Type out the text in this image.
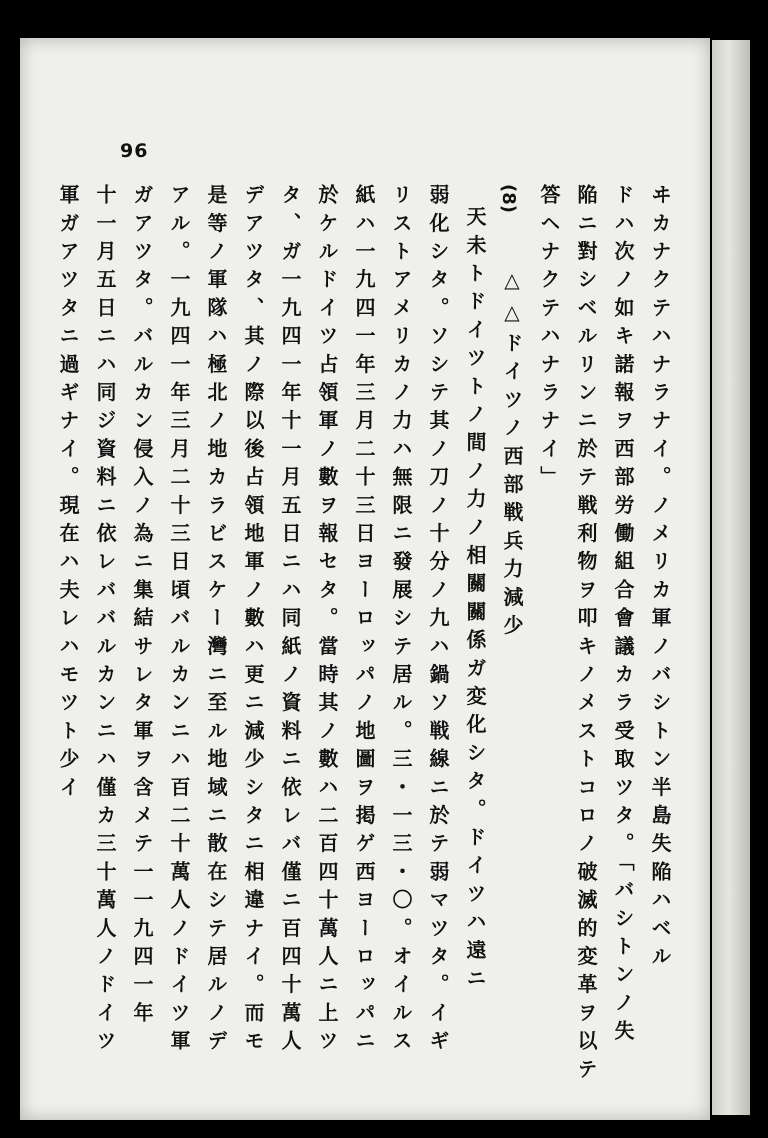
96
(8)	ヰカナクテハナラナイ。ノメリカ軍ノバシトン半島失陥ハベル
ドハ次ノ如キ諾報ヲ西部労働組合會議カラ受取ツタ。「バシトンノ失
陥ニ對シベルリンニ於テ戦利物ヲ叩キノメストコロノ破滅的変革ヲ以テ
答ヘナクテハナラナイ」
△△ドイツノ西部戦兵力減少
天未トドイツトノ間ノ力ノ相關關係ガ変化シタ。ドイツハ遠ニ
弱化シタ。ソシテ其ノ刀ノ十分ノ九ハ鍋ソ戦線ニ於テ弱マツタ。イギ
リストアメリカノ力ハ無限ニ發展シテ居ル。三・一三・〇。オイルス
紙ハ一九四一年三月二十三日ヨーロッパノ地圖ヲ掲ゲ西ヨーロッパニ
於ケルドイツ占領軍ノ數ヲ報セタ。當時其ノ數ハ二百四十萬人ニ上ツ
タ、ガ一九四一年十一月五日ニハ同紙ノ資料ニ依レバ僅ニ百四十萬人
デアツタ、其ノ際以後占領地軍ノ數ハ更ニ減少シタニ相違ナイ。而モ
是等ノ軍隊ハ極北ノ地カラビスケー灣ニ至ル地域ニ散在シテ居ルノデ
アル。一九四一年三月二十三日頃バルカンニハ百二十萬人ノドイツ軍
ガアツタ。バルカン侵入ノ為ニ集結サレタ軍ヲ含メテ一一九四一年
十一月五日ニハ同ジ資料ニ依レババルカンニハ僅カ三十萬人ノドイツ
軍ガアツタニ過ギナイ。現在ハ夫レハモツト少イ
